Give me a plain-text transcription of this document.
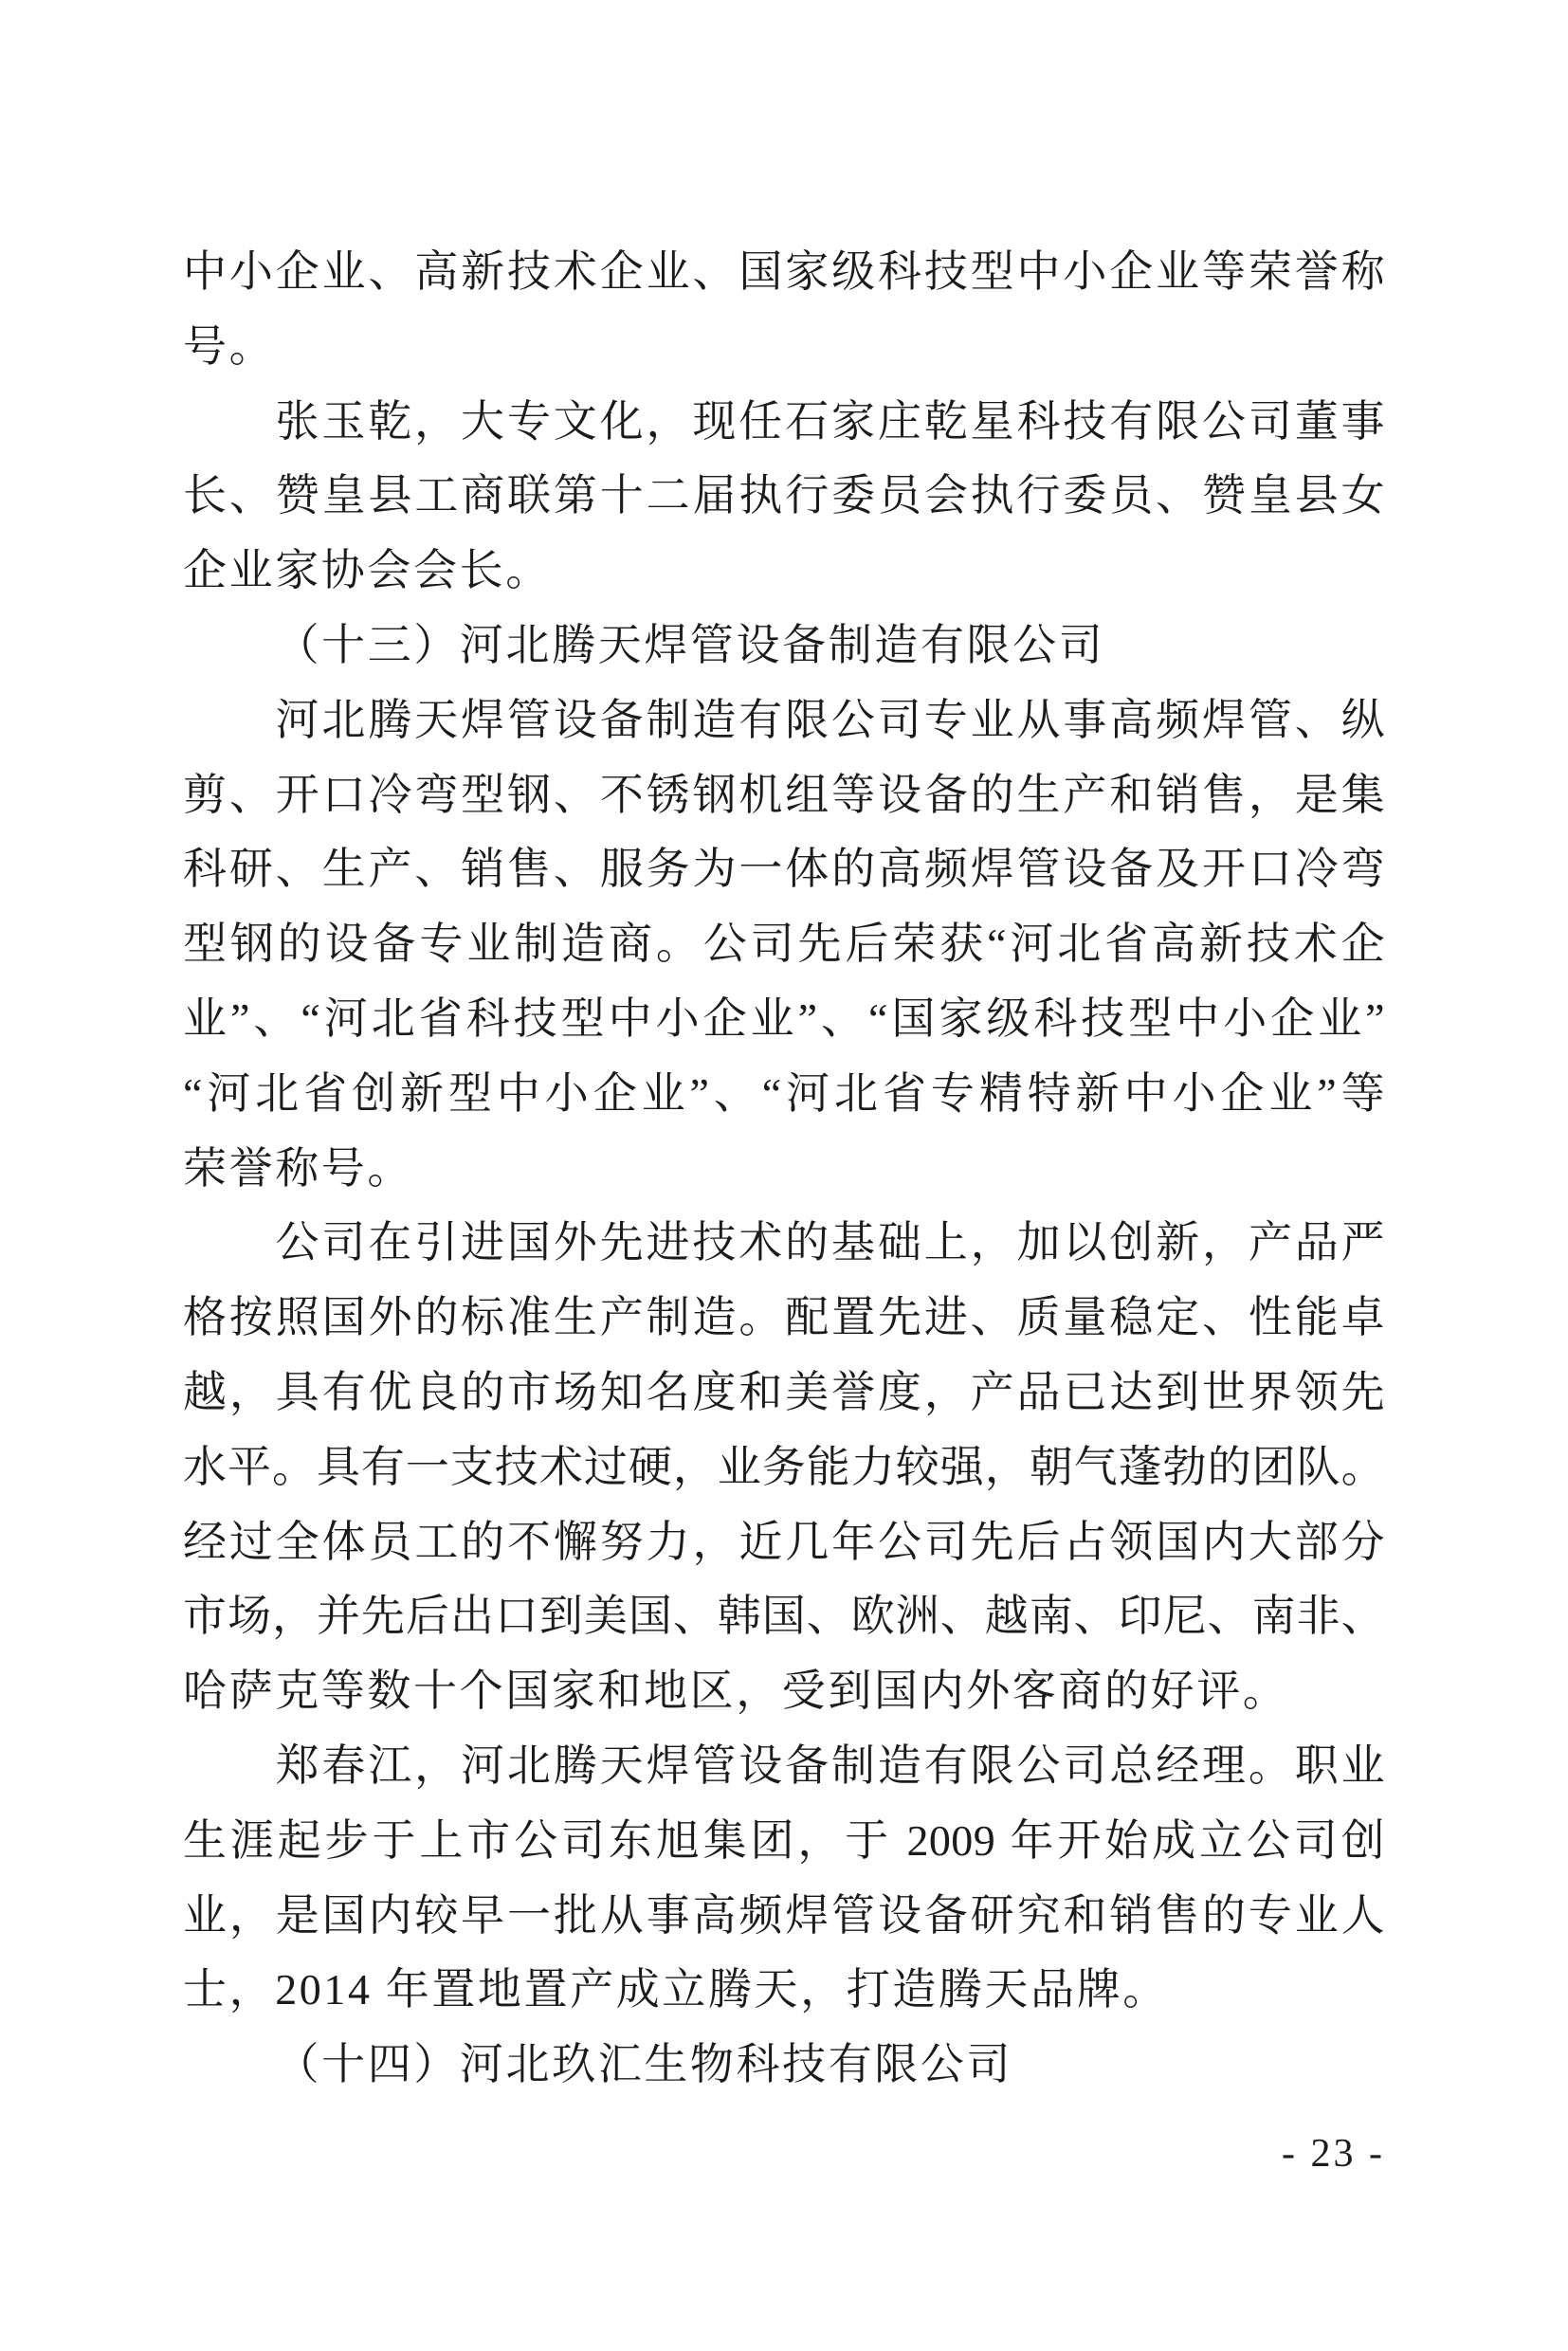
中小企业、高新技术企业、国家级科技型中小企业等荣誉称
号。
张玉乾，大专文化，现任石家庄乾星科技有限公司董事
长、赞皇县工商联第十二届执行委员会执行委员、赞皇县女
企业家协会会长。
（十三）河北腾天焊管设备制造有限公司
河北腾天焊管设备制造有限公司专业从事高频焊管、纵
剪、开口冷弯型钢、不锈钢机组等设备的生产和销售，是集
科研、生产、销售、服务为一体的高频焊管设备及开口冷弯
型钢的设备专业制造商。公司先后荣获“河北省高新技术企
业”、“河北省科技型中小企业”、“国家级科技型中小企业”
“河北省创新型中小企业”、“河北省专精特新中小企业”等
荣誉称号。
公司在引进国外先进技术的基础上，加以创新，产品严
格按照国外的标准生产制造。配置先进、质量稳定、性能卓
越，具有优良的市场知名度和美誉度，产品已达到世界领先
水平。具有一支技术过硬，业务能力较强，朝气蓬勃的团队。
经过全体员工的不懈努力，近几年公司先后占领国内大部分
市场，并先后出口到美国、韩国、欧洲、越南、印尼、南非、
哈萨克等数十个国家和地区，受到国内外客商的好评。
郑春江，河北腾天焊管设备制造有限公司总经理。职业
生涯起步于上市公司东旭集团，于 2009 年开始成立公司创
业，是国内较早一批从事高频焊管设备研究和销售的专业人
士，2014 年置地置产成立腾天，打造腾天品牌。
（十四）河北玖汇生物科技有限公司
- 23 -
